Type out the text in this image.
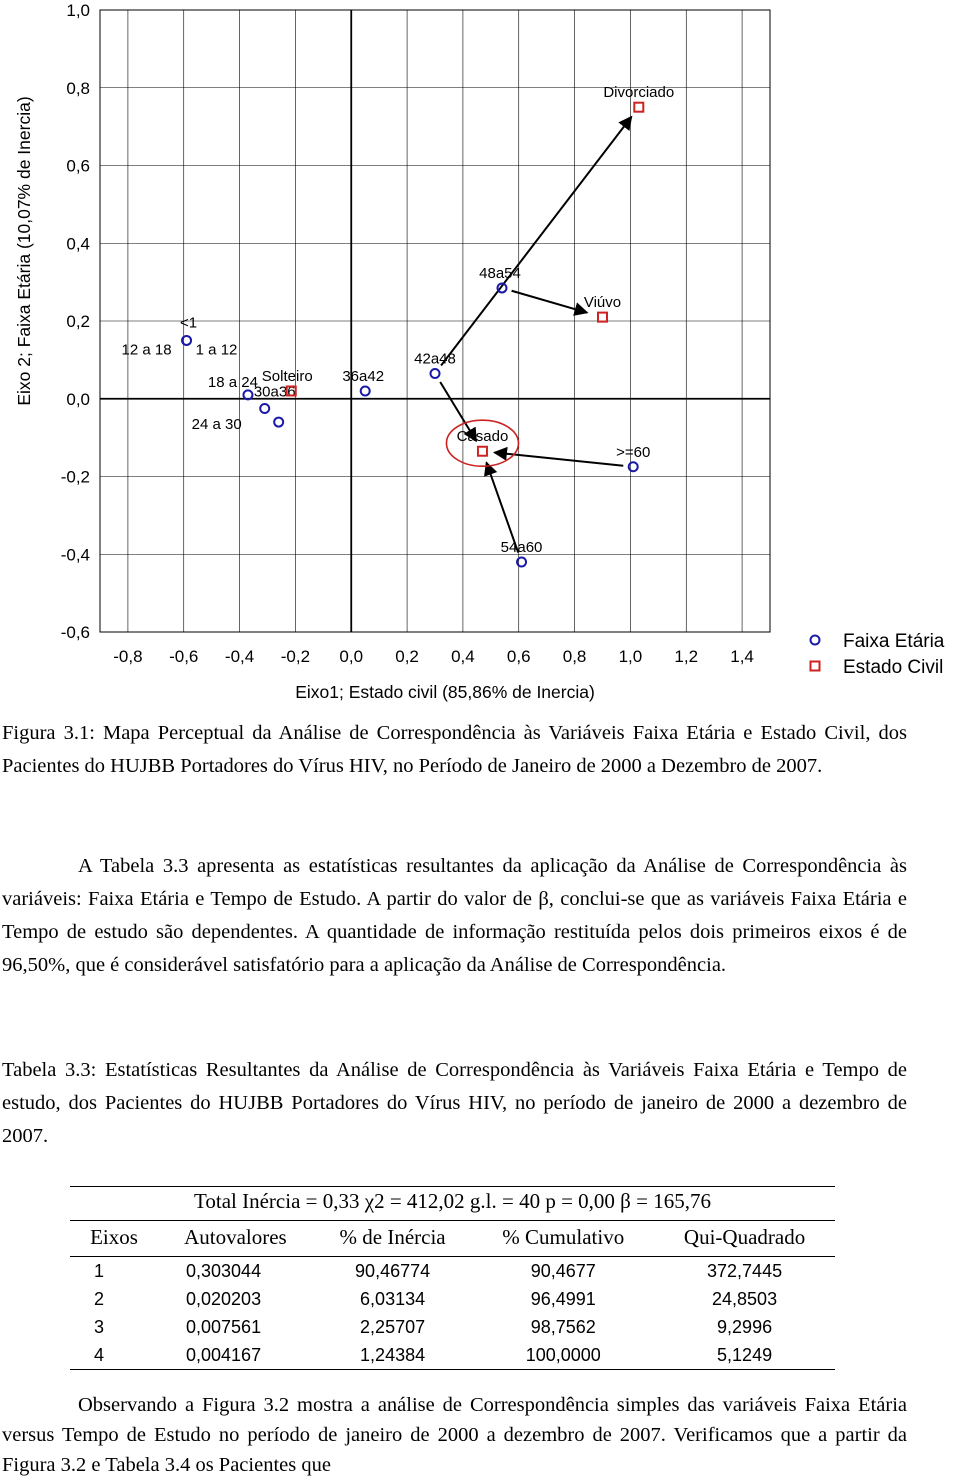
1,0
0,8
0,6
0,4
0,2
0,0
-0,2
-0,4
-0,6
-0,8 -0,6 -0,4 -0,2 0,0 0,2 0,4 0,6 0,8 1,0 1,2 1,4
Eixo1; Estado civil (85,86% de Inercia)
Eixo 2; Faixa Etária (10,07% de Inercia)	<1
1 a 12
12 a 18
18 a 24
24 a 30
30a36
36a42
42a48
48a54
54a60
>=60
Solteiro
Casado
Viúvo
Divorciado
Faixa Etária
Estado Civil
Figura 3.1: Mapa Perceptual da Análise de Correspondência às Variáveis Faixa Etária e Estado Civil, dos Pacientes do HUJBB Portadores do Vírus HIV, no Período de Janeiro de 2000 a Dezembro de 2007.
A Tabela 3.3 apresenta as estatísticas resultantes da aplicação da Análise de Correspondência às variáveis: Faixa Etária e Tempo de Estudo. A partir do valor de β, conclui-se que as variáveis Faixa Etária e Tempo de estudo são dependentes. A quantidade de informação restituída pelos dois primeiros eixos é de 96,50%, que é considerável satisfatório para a aplicação da Análise de Correspondência.
Tabela 3.3: Estatísticas Resultantes da Análise de Correspondência às Variáveis Faixa Etária e Tempo de estudo, dos Pacientes do HUJBB Portadores do Vírus HIV, no período de janeiro de 2000 a dezembro de 2007.
Total Inércia = 0,33 χ2 = 412,02 g.l. = 40 p = 0,00 β = 165,76				
Eixos	Autovalores	% de Inércia	% Cumulativo	Qui-Quadrado
1	0,303044	90,46774	90,4677	372,7445
2	0,020203	6,03134	96,4991	24,8503
3	0,007561	2,25707	98,7562	9,2996
4	0,004167	1,24384	100,0000	5,1249
Observando a Figura 3.2 mostra a análise de Correspondência simples das variáveis Faixa Etária versus Tempo de Estudo no período de janeiro de 2000 a dezembro de 2007. Verificamos que a partir da Figura 3.2 e Tabela 3.4 os Pacientes que
